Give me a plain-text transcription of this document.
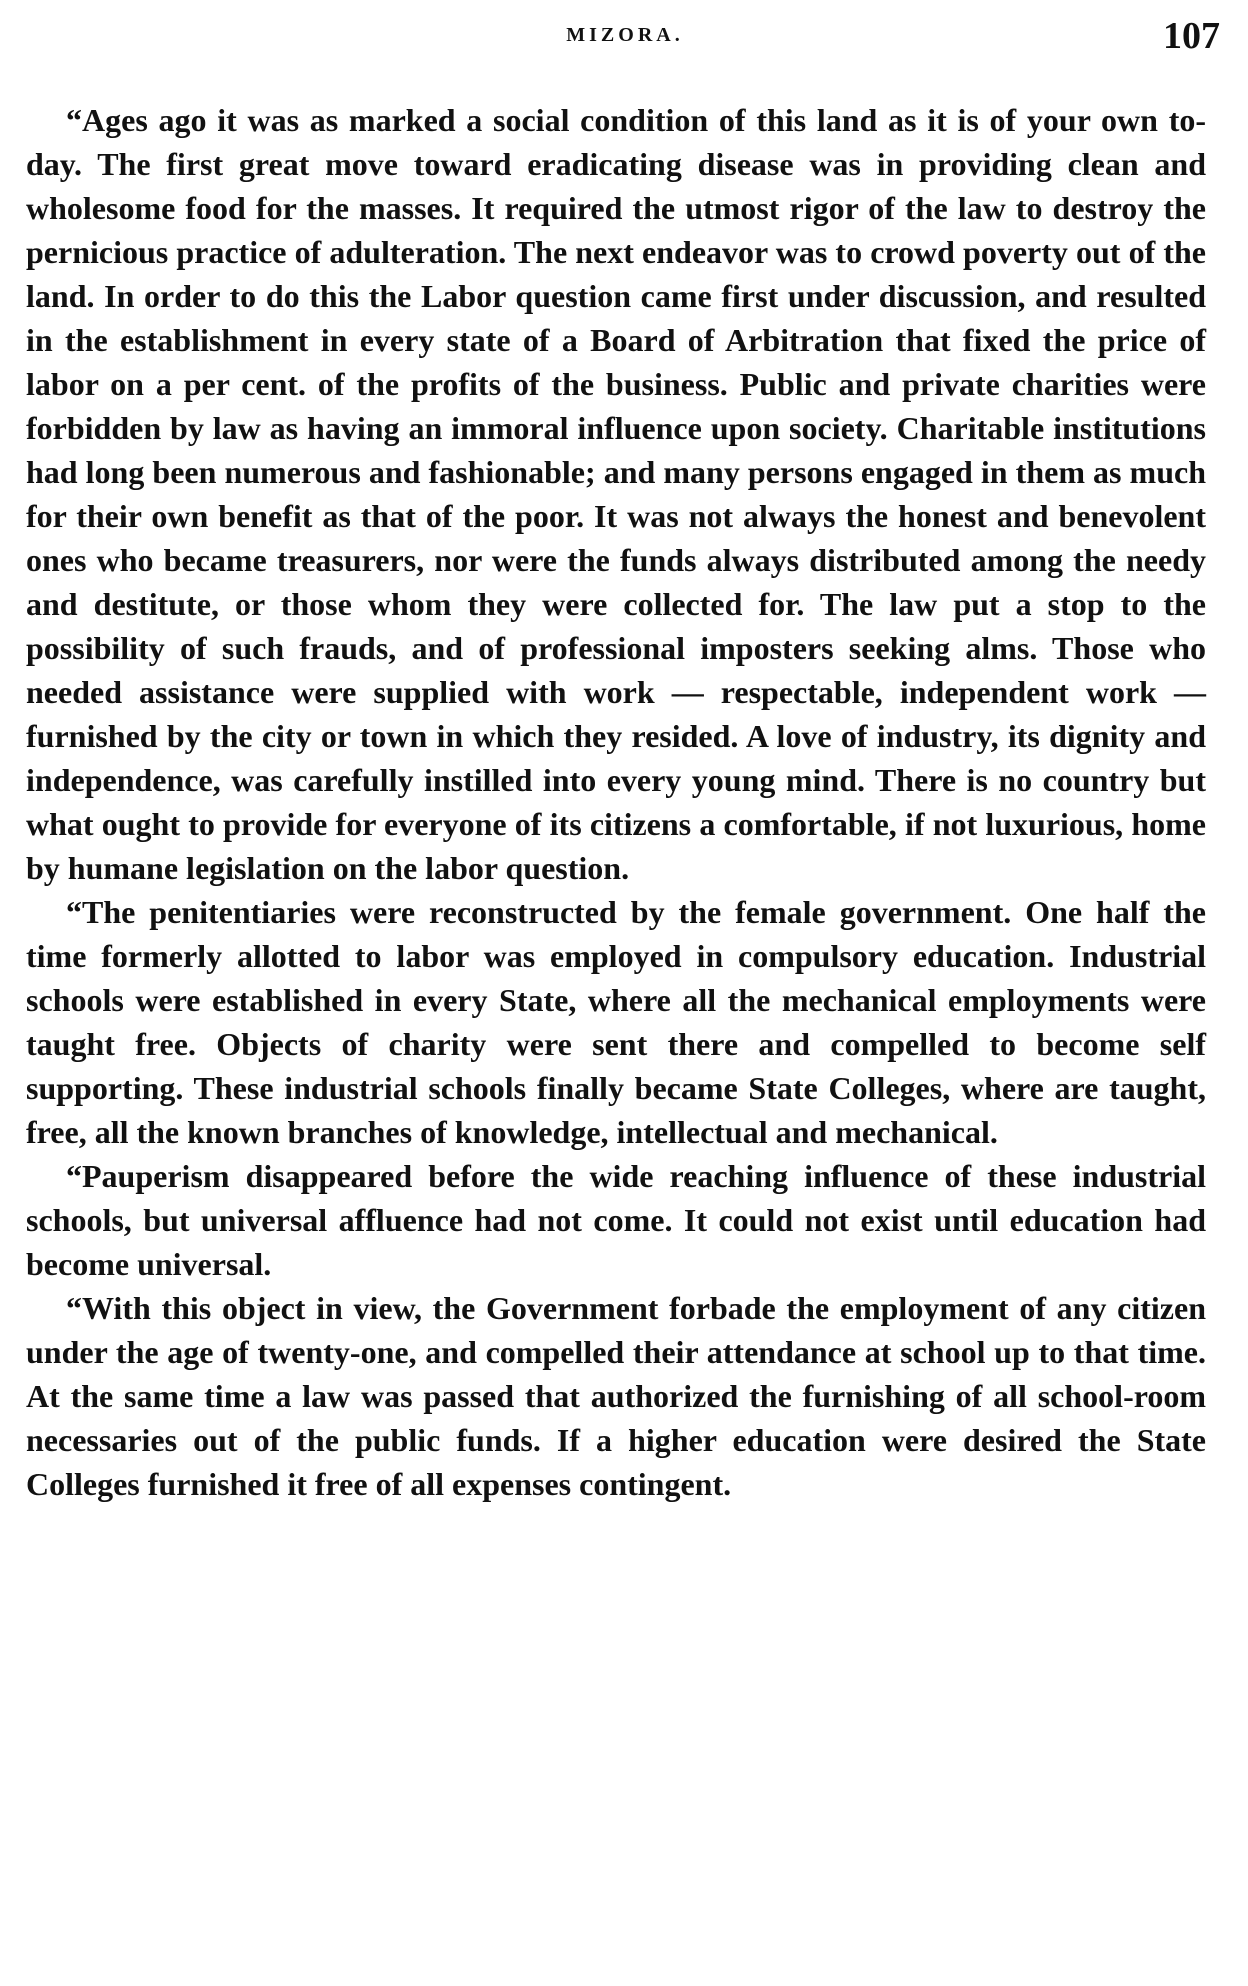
MIZORA.	107

“Ages ago it was as marked a social condition of this land as it is of your own to-day. The first great move toward eradicating disease was in providing clean and wholesome food for the masses. It required the utmost rigor of the law to destroy the pernicious practice of adulteration. The next endeavor was to crowd poverty out of the land. In order to do this the Labor question came first under discussion, and resulted in the establishment in every state of a Board of Arbitration that fixed the price of labor on a per cent. of the profits of the business. Public and private charities were forbidden by law as having an immoral influence upon society. Charitable institutions had long been numerous and fashionable; and many persons engaged in them as much for their own benefit as that of the poor. It was not always the honest and benevolent ones who became treasurers, nor were the funds always distributed among the needy and destitute, or those whom they were collected for. The law put a stop to the possibility of such frauds, and of professional imposters seeking alms. Those who needed assistance were supplied with work — respectable, independent work — furnished by the city or town in which they resided. A love of industry, its dignity and independence, was carefully instilled into every young mind. There is no country but what ought to provide for everyone of its citizens a comfortable, if not luxurious, home by humane legislation on the labor question.

“The penitentiaries were reconstructed by the female government. One half the time formerly allotted to labor was employed in compulsory education. Industrial schools were established in every State, where all the mechanical employments were taught free. Objects of charity were sent there and compelled to become self supporting. These industrial schools finally became State Colleges, where are taught, free, all the known branches of knowledge, intellectual and mechanical.

“Pauperism disappeared before the wide reaching influence of these industrial schools, but universal affluence had not come. It could not exist until education had become universal.

“With this object in view, the Government forbade the employment of any citizen under the age of twenty-one, and compelled their attendance at school up to that time. At the same time a law was passed that authorized the furnishing of all school-room necessaries out of the public funds. If a higher education were desired the State Colleges furnished it free of all expenses contingent.
